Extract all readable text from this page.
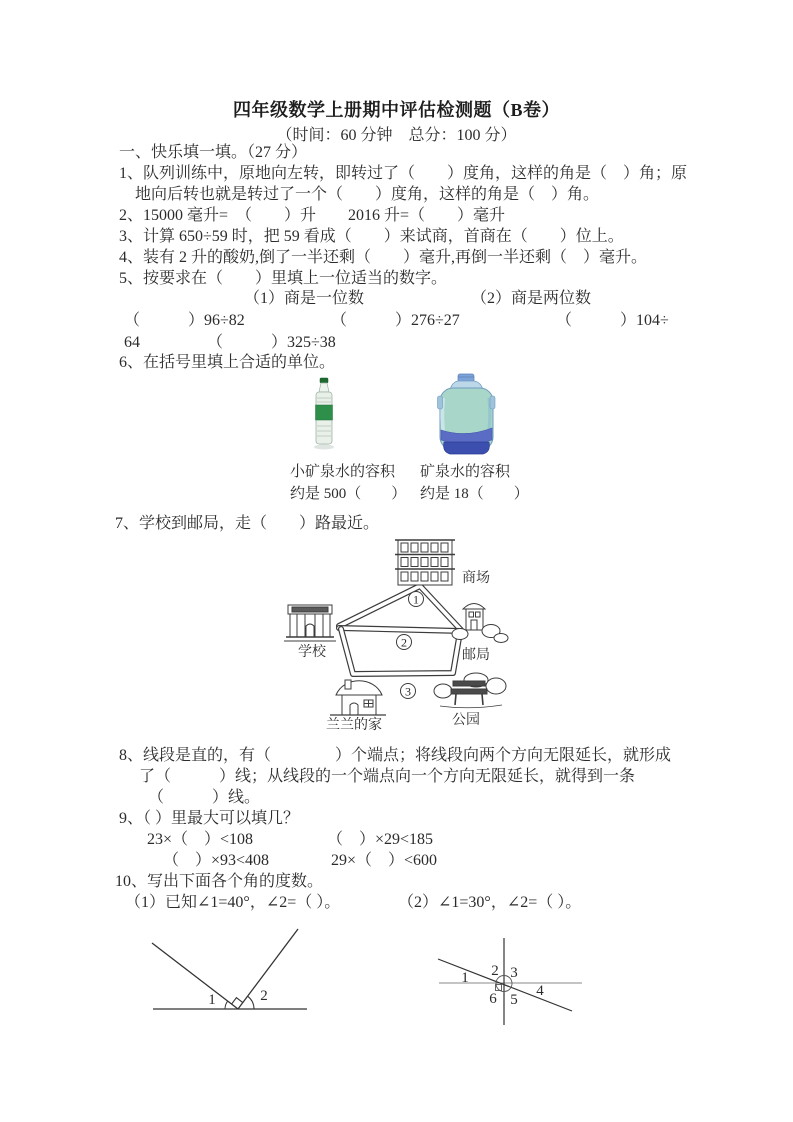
四年级数学上册期中评估检测题（B卷）
（时间：60 分钟　总分：100 分）
一、快乐填一填。（27 分）
1、队列训练中，原地向左转，即转过了（　　）度角，这样的角是（　）角；原
地向后转也就是转过了一个（　　）度角，这样的角是（　）角。
2、15000 毫升=　（　　）升　　2016 升=（　　）毫升
3、计算 650÷59 时，把 59 看成（　　）来试商，首商在（　　）位上。
4、装有 2 升的酸奶,倒了一半还剩（　　）毫升,再倒一半还剩（　）毫升。
5、按要求在（　　）里填上一位适当的数字。
（1）商是一位数	（2）商是两位数
（　　　）96÷82	（　　　）276÷27	（　　　）104÷
64	（　　　）325÷38
6、在括号里填上合适的单位。
小矿泉水的容积
约是 500（　　）
矿泉水的容积
约是 18（　　）
7、学校到邮局，走（　　）路最近。
商场
学校	邮局
兰兰的家	公园
1
2
3
8、线段是直的，有（　　　　）个端点；将线段向两个方向无限延长，就形成
了（　　　）线；从线段的一个端点向一个方向无限延长，就得到一条
（　　　）线。
9、（ ）里最大可以填几？
23×（　）<108	（　）×29<185
（　）×93<408	29×（　）<600
10、写出下面各个角的度数。
（1）已知∠1=40°，∠2=（ ）。	（2）∠1=30°，∠2=（ ）。
1	2
1 2 3
4
5
6
